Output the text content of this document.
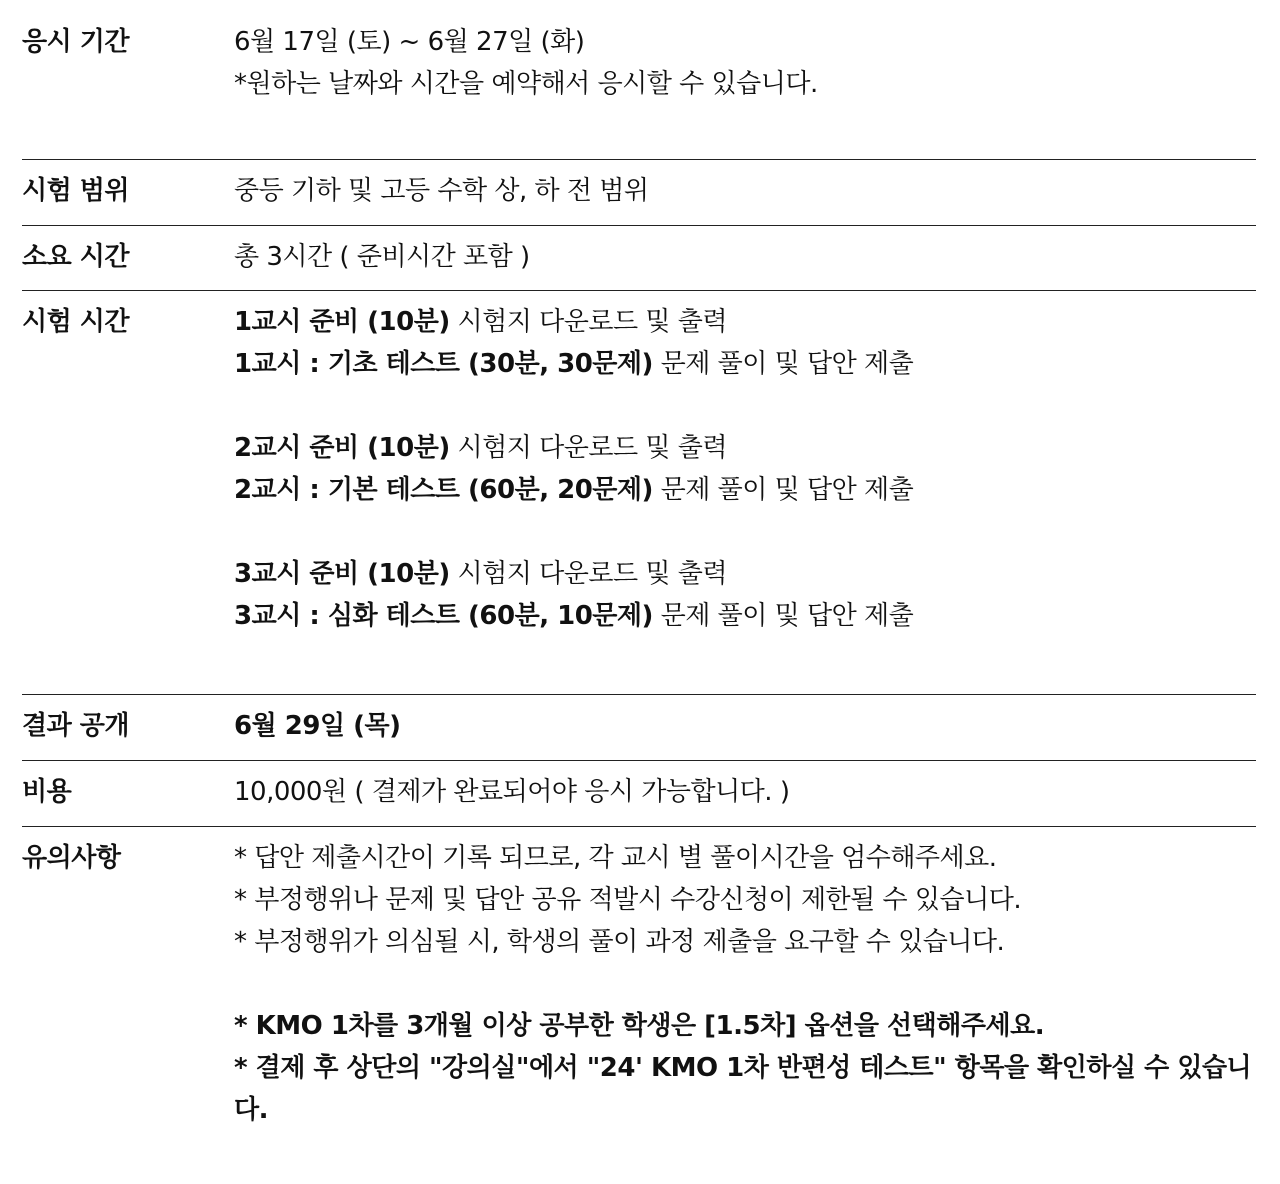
응시 기간	6월 17일 (토) ~ 6월 27일 (화)
*원하는 날짜와 시간을 예약해서 응시할 수 있습니다.
시험 범위	중등 기하 및 고등 수학 상, 하 전 범위
소요 시간	총 3시간 ( 준비시간 포함 )
시험 시간	1교시 준비 (10분) 시험지 다운로드 및 출력
1교시 : 기초 테스트 (30분, 30문제) 문제 풀이 및 답안 제출
2교시 준비 (10분) 시험지 다운로드 및 출력
2교시 : 기본 테스트 (60분, 20문제) 문제 풀이 및 답안 제출
3교시 준비 (10분) 시험지 다운로드 및 출력
3교시 : 심화 테스트 (60분, 10문제) 문제 풀이 및 답안 제출
결과 공개	6월 29일 (목)
비용	10,000원 ( 결제가 완료되어야 응시 가능합니다. )
유의사항	* 답안 제출시간이 기록 되므로, 각 교시 별 풀이시간을 엄수해주세요.
* 부정행위나 문제 및 답안 공유 적발시 수강신청이 제한될 수 있습니다.
* 부정행위가 의심될 시, 학생의 풀이 과정 제출을 요구할 수 있습니다.
* KMO 1차를 3개월 이상 공부한 학생은 [1.5차] 옵션을 선택해주세요.
* 결제 후 상단의 "강의실"에서 "24' KMO 1차 반편성 테스트" 항목을 확인하실 수 있습니다.
